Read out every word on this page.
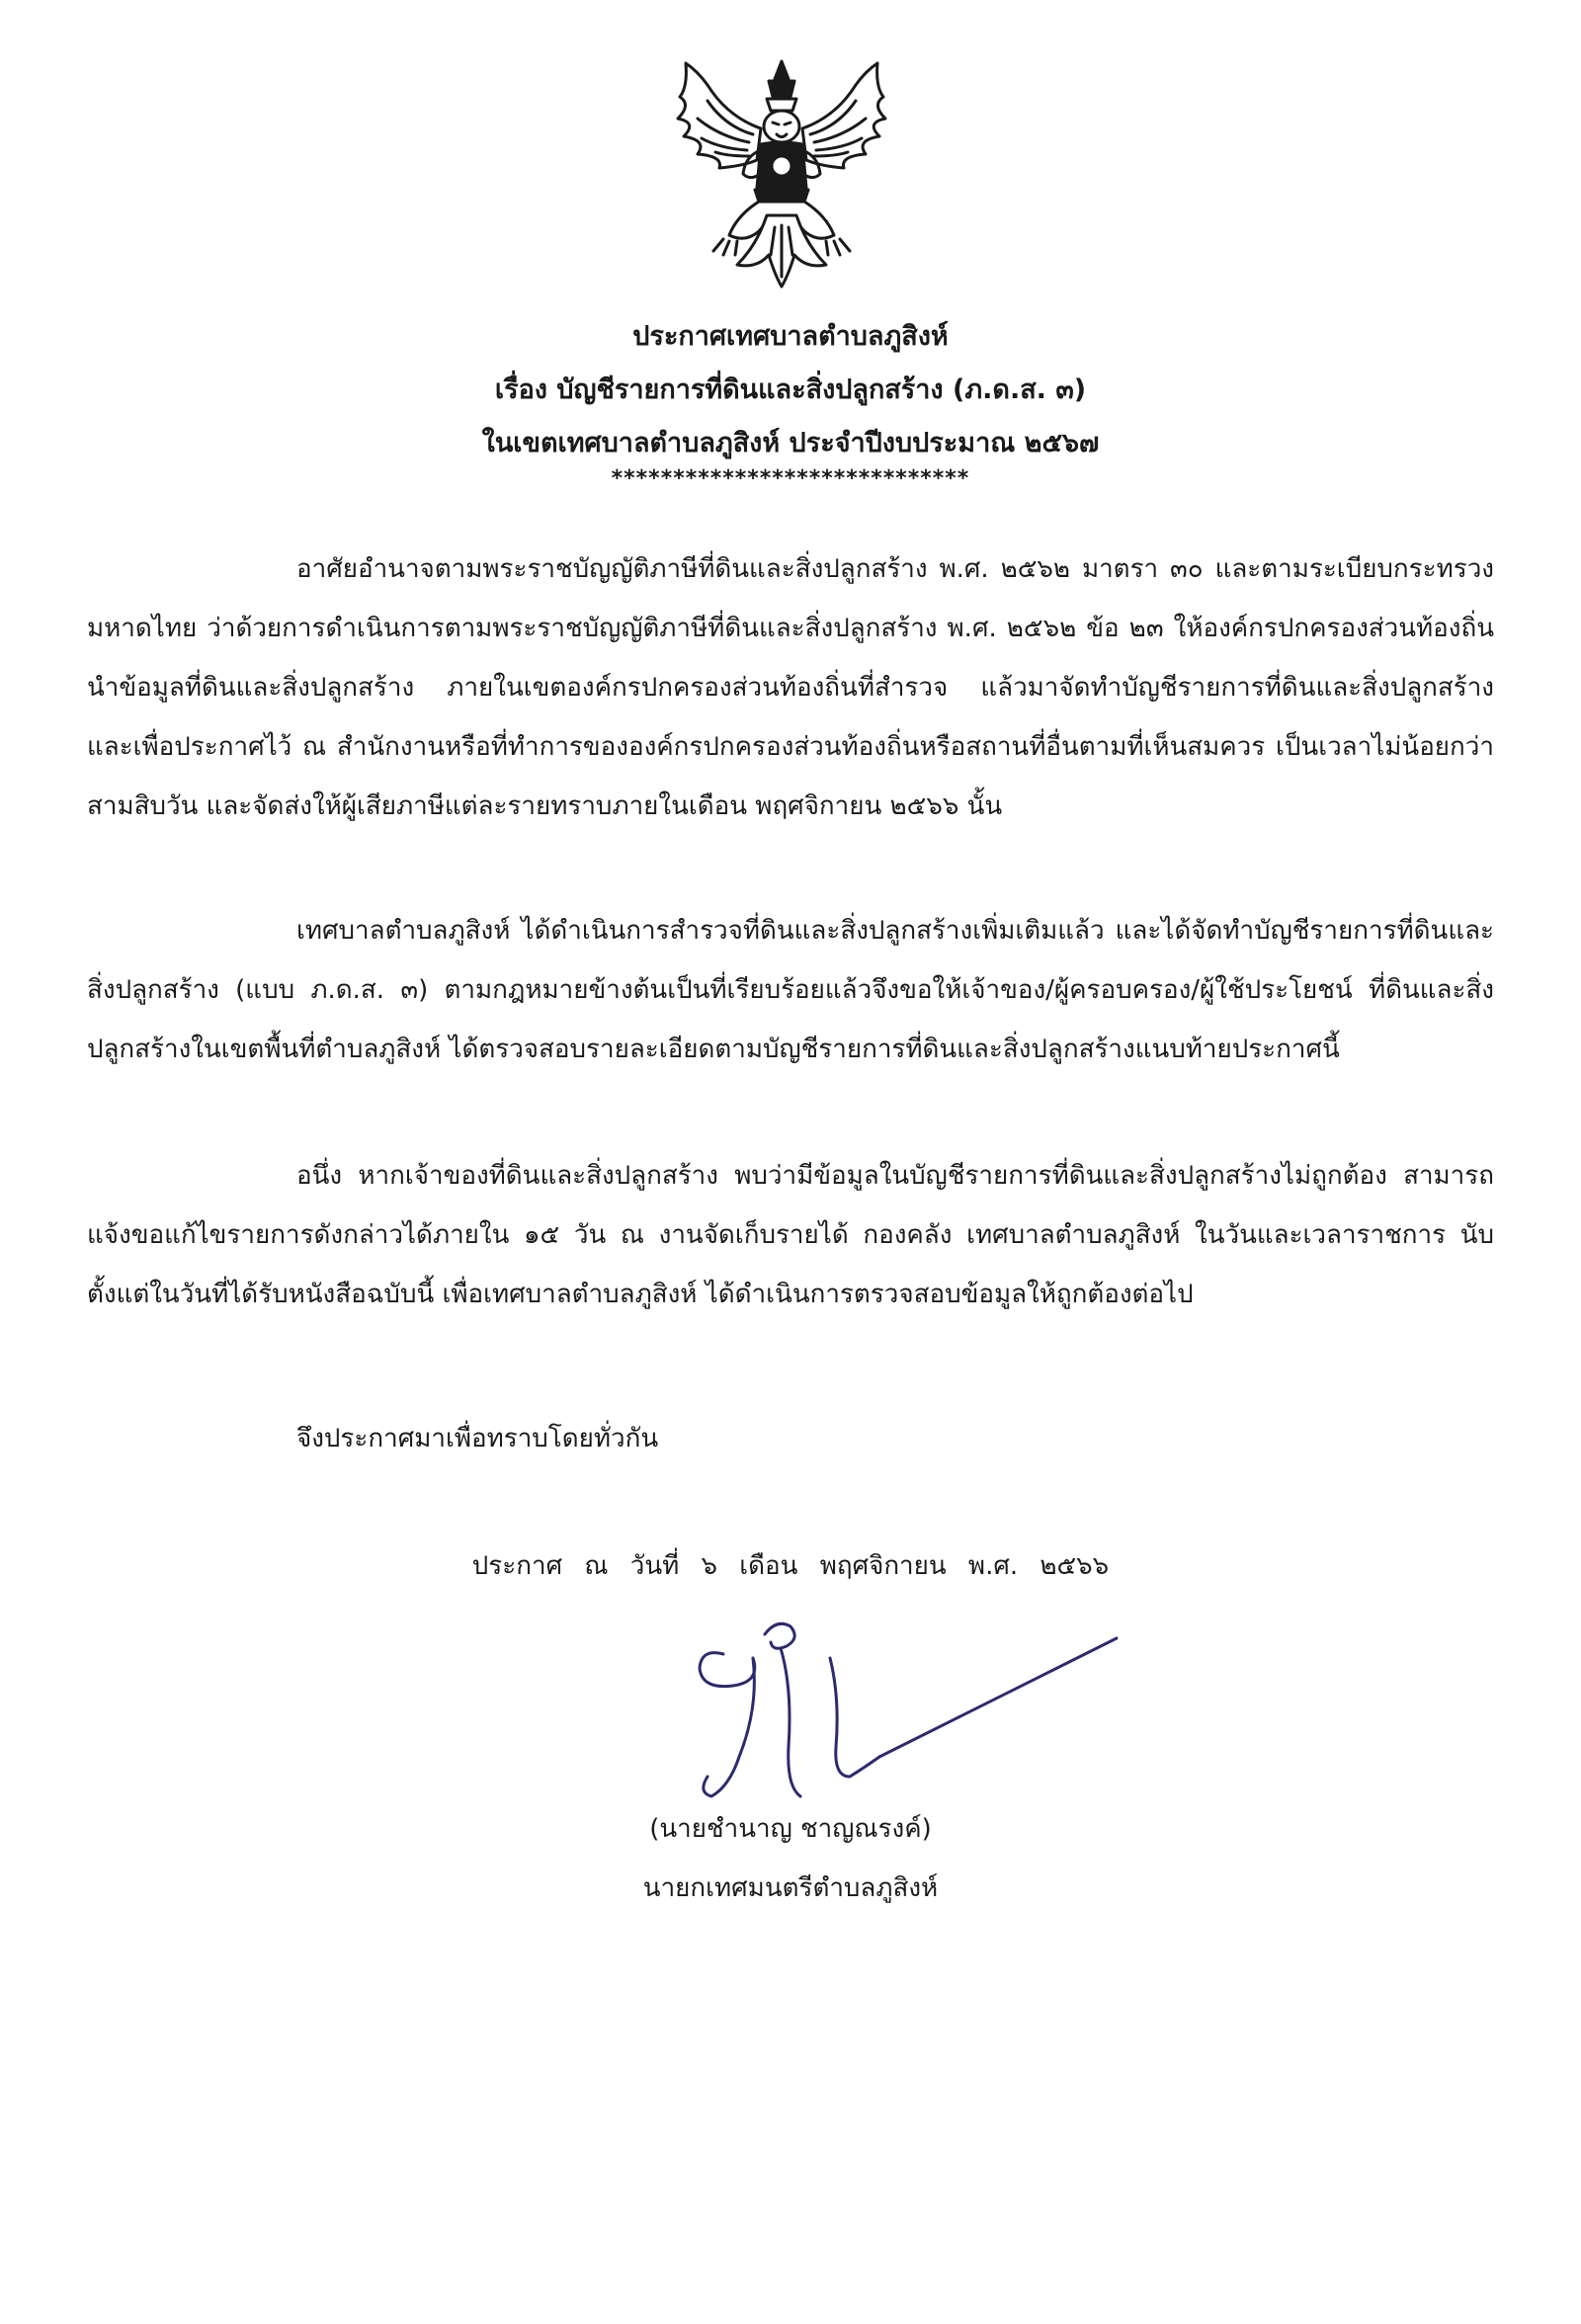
ประกาศเทศบาลตำบลภูสิงห์
เรื่อง บัญชีรายการที่ดินและสิ่งปลูกสร้าง (ภ.ด.ส. ๓)
ในเขตเทศบาลตำบลภูสิงห์ ประจำปีงบประมาณ ๒๕๖๗
*****************************
อาศัยอำนาจตามพระราชบัญญัติภาษีที่ดินและสิ่งปลูกสร้าง พ.ศ. ๒๕๖๒ มาตรา ๓๐ และตามระเบียบกระทรวงมหาดไทย ว่าด้วยการดำเนินการตามพระราชบัญญัติภาษีที่ดินและสิ่งปลูกสร้าง พ.ศ. ๒๕๖๒ ข้อ ๒๓ ให้องค์กรปกครองส่วนท้องถิ่นนำข้อมูลที่ดินและสิ่งปลูกสร้าง ภายในเขตองค์กรปกครองส่วนท้องถิ่นที่สำรวจ แล้วมาจัดทำบัญชีรายการที่ดินและสิ่งปลูกสร้าง และเพื่อประกาศไว้ ณ สำนักงานหรือที่ทำการขององค์กรปกครองส่วนท้องถิ่นหรือสถานที่อื่นตามที่เห็นสมควร เป็นเวลาไม่น้อยกว่าสามสิบวัน และจัดส่งให้ผู้เสียภาษีแต่ละรายทราบภายในเดือน พฤศจิกายน ๒๕๖๖ นั้น
เทศบาลตำบลภูสิงห์ ได้ดำเนินการสำรวจที่ดินและสิ่งปลูกสร้างเพิ่มเติมแล้ว และได้จัดทำบัญชีรายการที่ดินและสิ่งปลูกสร้าง (แบบ ภ.ด.ส. ๓) ตามกฎหมายข้างต้นเป็นที่เรียบร้อยแล้วจึงขอให้เจ้าของ/ผู้ครอบครอง/ผู้ใช้ประโยชน์ ที่ดินและสิ่งปลูกสร้างในเขตพื้นที่ตำบลภูสิงห์ ได้ตรวจสอบรายละเอียดตามบัญชีรายการที่ดินและสิ่งปลูกสร้างแนบท้ายประกาศนี้
อนึ่ง หากเจ้าของที่ดินและสิ่งปลูกสร้าง พบว่ามีข้อมูลในบัญชีรายการที่ดินและสิ่งปลูกสร้างไม่ถูกต้อง สามารถแจ้งขอแก้ไขรายการดังกล่าวได้ภายใน ๑๕ วัน ณ งานจัดเก็บรายได้ กองคลัง เทศบาลตำบลภูสิงห์ ในวันและเวลาราชการ นับตั้งแต่ในวันที่ได้รับหนังสือฉบับนี้ เพื่อเทศบาลตำบลภูสิงห์ ได้ดำเนินการตรวจสอบข้อมูลให้ถูกต้องต่อไป
จึงประกาศมาเพื่อทราบโดยทั่วกัน
ประกาศ ณ วันที่ ๖ เดือน พฤศจิกายน พ.ศ. ๒๕๖๖
(นายชำนาญ ชาญณรงค์)
นายกเทศมนตรีตำบลภูสิงห์
